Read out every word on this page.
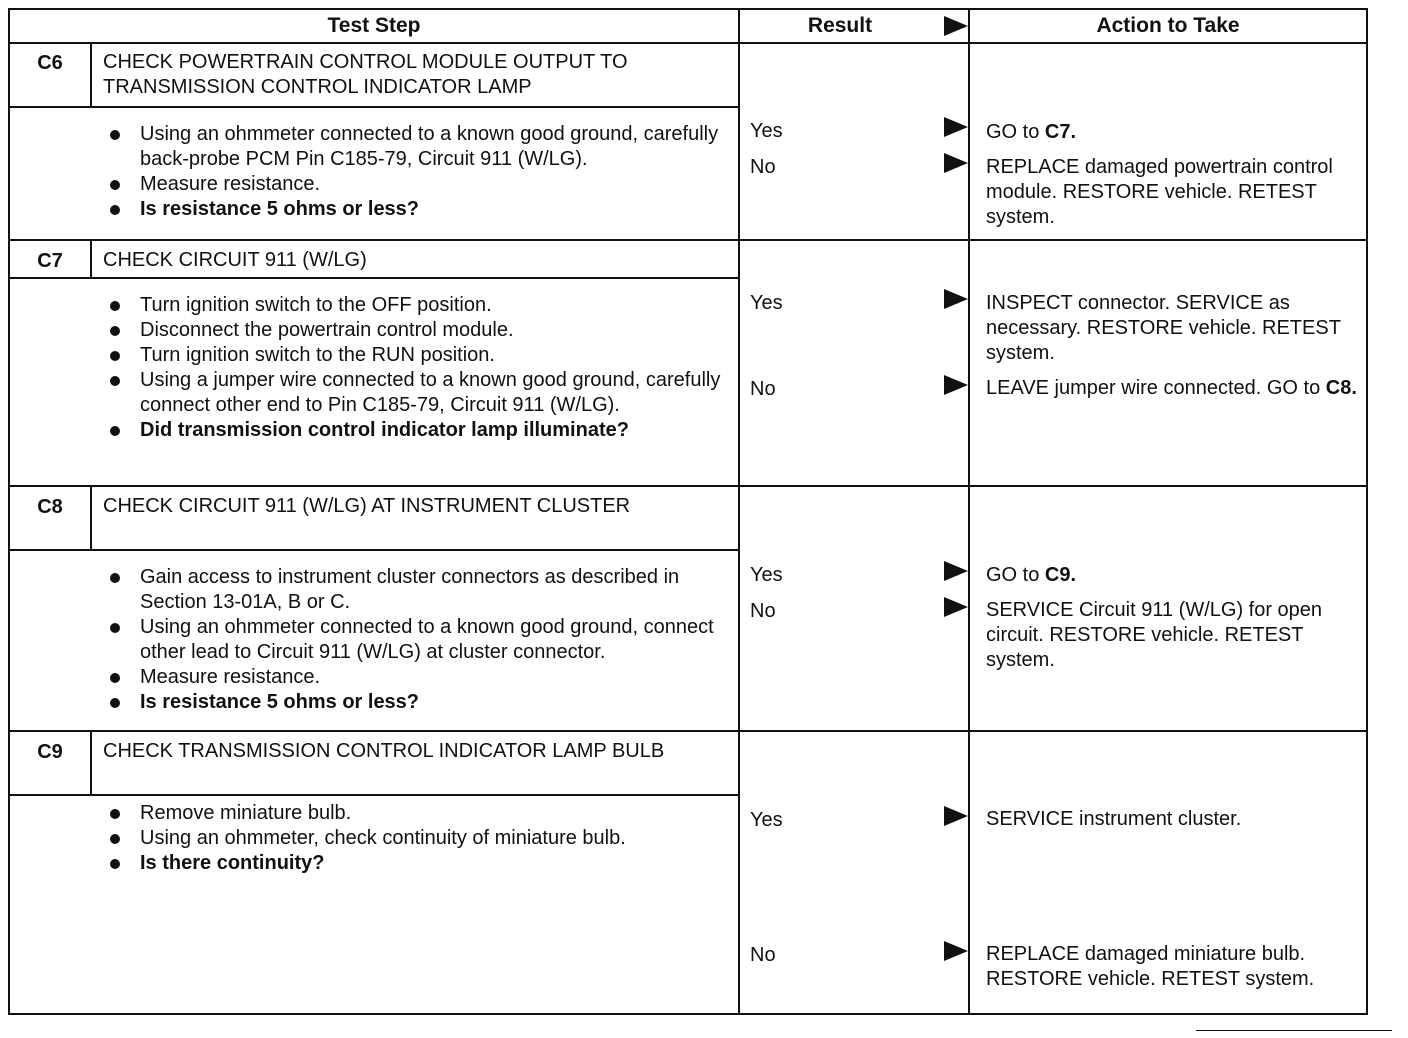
Test Step	Result	Action to Take
C6	CHECK POWERTRAIN CONTROL MODULE OUTPUT TO TRANSMISSION CONTROL INDICATOR LAMP
Using an ohmmeter connected to a known good ground, carefully back-probe PCM Pin C185-79, Circuit 911 (W/LG).
Measure resistance.
Is resistance 5 ohms or less?
Yes	GO to C7.
No	REPLACE damaged powertrain control module. RESTORE vehicle. RETEST system.
C7	CHECK CIRCUIT 911 (W/LG)
Turn ignition switch to the OFF position.
Disconnect the powertrain control module.
Turn ignition switch to the RUN position.
Using a jumper wire connected to a known good ground, carefully connect other end to Pin C185-79, Circuit 911 (W/LG).
Did transmission control indicator lamp illuminate?
Yes	INSPECT connector. SERVICE as necessary. RESTORE vehicle. RETEST system.
No	LEAVE jumper wire connected. GO to C8.
C8	CHECK CIRCUIT 911 (W/LG) AT INSTRUMENT CLUSTER
Gain access to instrument cluster connectors as described in Section 13-01A, B or C.
Using an ohmmeter connected to a known good ground, connect other lead to Circuit 911 (W/LG) at cluster connector.
Measure resistance.
Is resistance 5 ohms or less?
Yes	GO to C9.
No	SERVICE Circuit 911 (W/LG) for open circuit. RESTORE vehicle. RETEST system.
C9	CHECK TRANSMISSION CONTROL INDICATOR LAMP BULB
Remove miniature bulb.
Using an ohmmeter, check continuity of miniature bulb.
Is there continuity?
Yes	SERVICE instrument cluster.
No	REPLACE damaged miniature bulb. RESTORE vehicle. RETEST system.
